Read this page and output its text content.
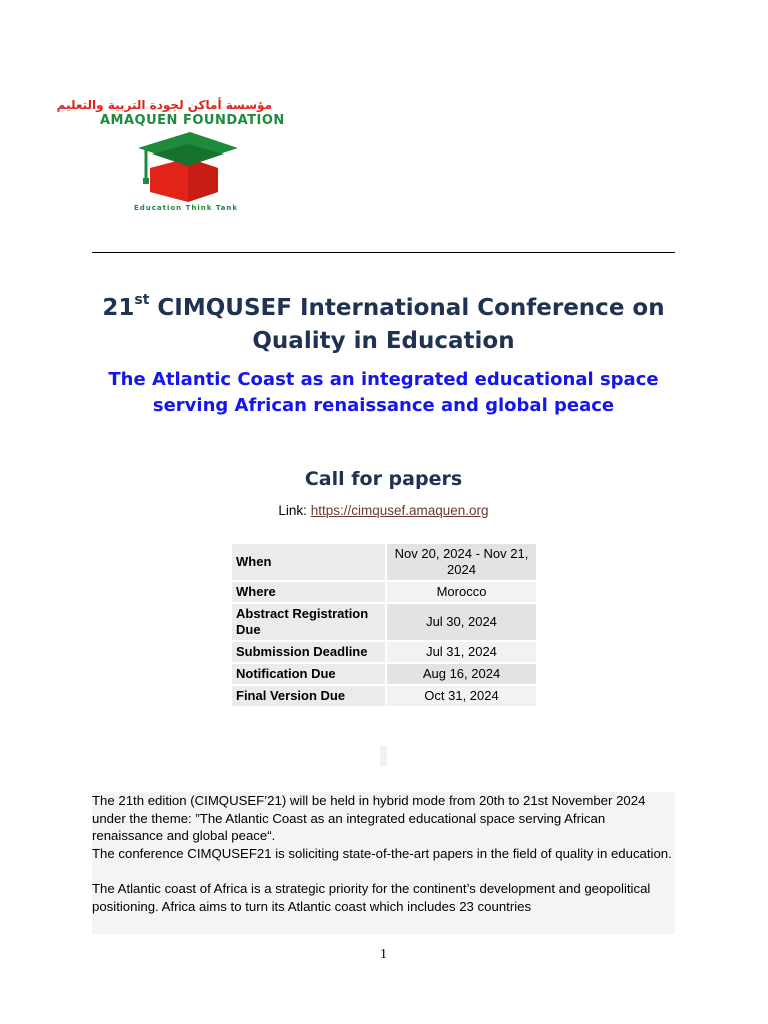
مؤسسة أماكن لجودة التربية والتعليم
AMAQUEN FOUNDATION
Education Think Tank
21st CIMQUSEF International Conference on
Quality in Education
The Atlantic Coast as an integrated educational space
serving African renaissance and global peace
Call for papers
Link: https://cimqusef.amaquen.org
When	Nov 20, 2024 - Nov 21, 2024
Where	Morocco
Abstract Registration Due	Jul 30, 2024
Submission Deadline	Jul 31, 2024
Notification Due	Aug 16, 2024
Final Version Due	Oct 31, 2024

The 21th edition (CIMQUSEF’21) will be held in hybrid mode from 20th to 21st November 2024 under the theme: ”The Atlantic Coast as an integrated educational space serving African renaissance and global peace“.

The conference CIMQUSEF21 is soliciting state-of-the-art papers in the field of quality in education.

The Atlantic coast of Africa is a strategic priority for the continent’s development and geopolitical positioning. Africa aims to turn its Atlantic coast which includes 23 countries

1
